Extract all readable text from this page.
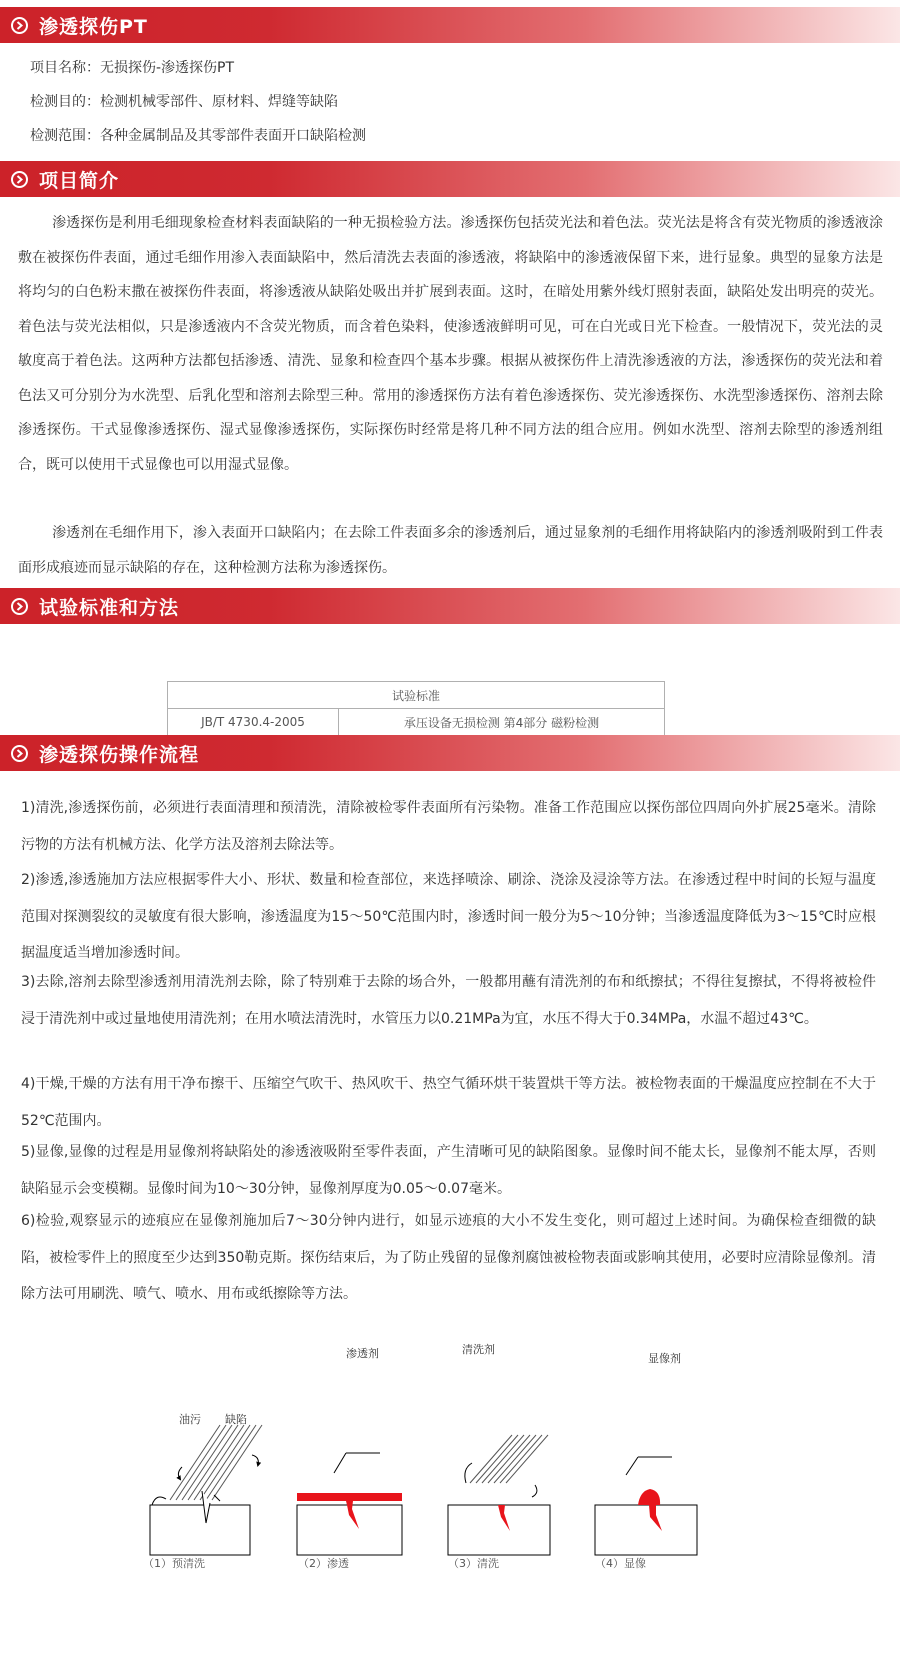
渗透探伤PT
项目名称：无损探伤-渗透探伤PT
检测目的：检测机械零部件、原材料、焊缝等缺陷
检测范围：各种金属制品及其零部件表面开口缺陷检测
项目简介

渗透探伤是利用毛细现象检查材料表面缺陷的一种无损检验方法。渗透探伤包括荧光法和着色法。荧光法是将含有荧光物质的渗透液涂敷在被探伤件表面，通过毛细作用渗入表面缺陷中，然后清洗去表面的渗透液，将缺陷中的渗透液保留下来，进行显象。典型的显象方法是将均匀的白色粉末撒在被探伤件表面，将渗透液从缺陷处吸出并扩展到表面。这时，在暗处用紫外线灯照射表面，缺陷处发出明亮的荧光。着色法与荧光法相似，只是渗透液内不含荧光物质，而含着色染料，使渗透液鲜明可见，可在白光或日光下检查。一般情况下，荧光法的灵敏度高于着色法。这两种方法都包括渗透、清洗、显象和检查四个基本步骤。根据从被探伤件上清洗渗透液的方法，渗透探伤的荧光法和着色法又可分别分为水洗型、后乳化型和溶剂去除型三种。常用的渗透探伤方法有着色渗透探伤、荧光渗透探伤、水洗型渗透探伤、溶剂去除渗透探伤。干式显像渗透探伤、湿式显像渗透探伤，实际探伤时经常是将几种不同方法的组合应用。例如水洗型、溶剂去除型的渗透剂组合，既可以使用干式显像也可以用湿式显像。

渗透剂在毛细作用下，渗入表面开口缺陷内；在去除工件表面多余的渗透剂后，通过显象剂的毛细作用将缺陷内的渗透剂吸附到工件表面形成痕迹而显示缺陷的存在，这种检测方法称为渗透探伤。

试验标准和方法
试验标准
JB/T 4730.4-2005	承压设备无损检测 第4部分 磁粉检测
渗透探伤操作流程

1)清洗,渗透探伤前，必须进行表面清理和预清洗，清除被检零件表面所有污染物。准备工作范围应以探伤部位四周向外扩展25毫米。清除污物的方法有机械方法、化学方法及溶剂去除法等。

2)渗透,渗透施加方法应根据零件大小、形状、数量和检查部位，来选择喷涂、刷涂、浇涂及浸涂等方法。在渗透过程中时间的长短与温度范围对探测裂纹的灵敏度有很大影响，渗透温度为15～50℃范围内时，渗透时间一般分为5～10分钟；当渗透温度降低为3～15℃时应根据温度适当增加渗透时间。

3)去除,溶剂去除型渗透剂用清洗剂去除，除了特别难于去除的场合外，一般都用蘸有清洗剂的布和纸擦拭；不得往复擦拭，不得将被检件浸于清洗剂中或过量地使用清洗剂；在用水喷法清洗时，水管压力以0.21MPa为宜，水压不得大于0.34MPa，水温不超过43℃。

4)干燥,干燥的方法有用干净布擦干、压缩空气吹干、热风吹干、热空气循环烘干装置烘干等方法。被检物表面的干燥温度应控制在不大于52℃范围内。

5)显像,显像的过程是用显像剂将缺陷处的渗透液吸附至零件表面，产生清晰可见的缺陷图象。显像时间不能太长，显像剂不能太厚，否则缺陷显示会变模糊。显像时间为10～30分钟，显像剂厚度为0.05～0.07毫米。

6)检验,观察显示的迹痕应在显像剂施加后7～30分钟内进行，如显示迹痕的大小不发生变化，则可超过上述时间。为确保检查细微的缺陷，被检零件上的照度至少达到350勒克斯。探伤结束后，为了防止残留的显像剂腐蚀被检物表面或影响其使用，必要时应清除显像剂。清除方法可用刷洗、喷气、喷水、用布或纸擦除等方法。

油污 缺陷
渗透剂	清洗剂
显像剂
（1）预清洗	（2）渗透	（3）清洗	（4）显像
